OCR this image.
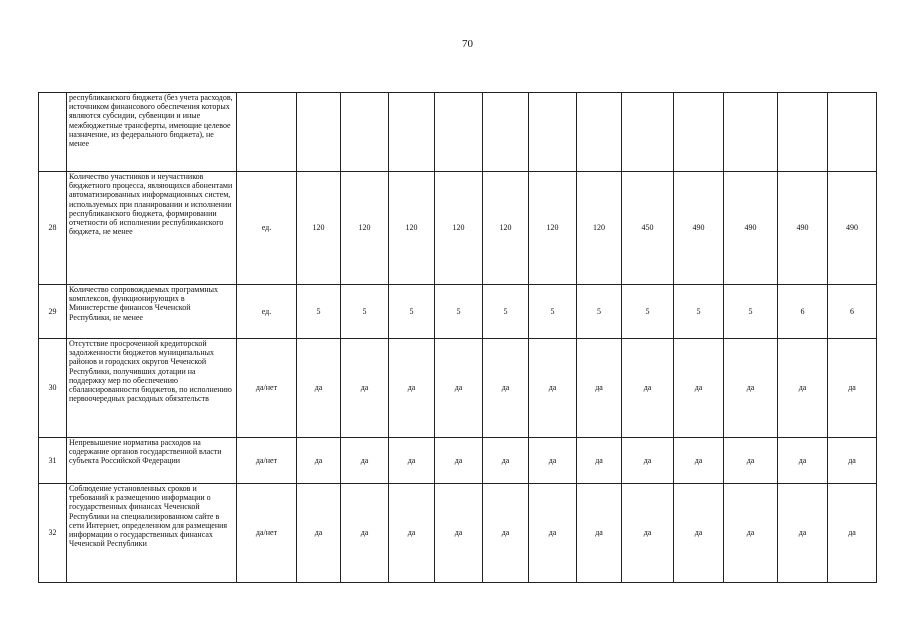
70
	республиканского бюджета (без учета расходов, источником финансового обеспечения которых являются субсидии, субвенции и иные межбюджетные трансферты, имеющие целевое назначение, из федерального бюджета), не менее													
28	Количество участников и неучастников бюджетного процесса, являющихся абонентами автоматизированных информационных систем, используемых при планировании и исполнении республиканского бюджета, формировании отчетности об исполнении республиканского бюджета, не менее	ед.	120	120	120	120	120	120	120	450	490	490	490	490
29	Количество сопровождаемых программных комплексов, функционирующих в Министерстве финансов Чеченской Республики, не менее	ед.	5	5	5	5	5	5	5	5	5	5	6	6
30	Отсутствие просроченной кредиторской задолженности бюджетов муниципальных районов и городских округов Чеченской Республики, получивших дотации на поддержку мер по обеспечению сбалансированности бюджетов, по исполнению первоочередных расходных обязательств	да/нет	да	да	да	да	да	да	да	да	да	да	да	да
31	Непревышение норматива расходов на содержание органов государственной власти субъекта Российской Федерации	да/нет	да	да	да	да	да	да	да	да	да	да	да	да
32	Соблюдение установленных сроков и требований к размещению информации о государственных финансах Чеченской Республики на специализированном сайте в сети Интернет, определенном для размещения информации о государственных финансах Чеченской Республики	да/нет	да	да	да	да	да	да	да	да	да	да	да	да
